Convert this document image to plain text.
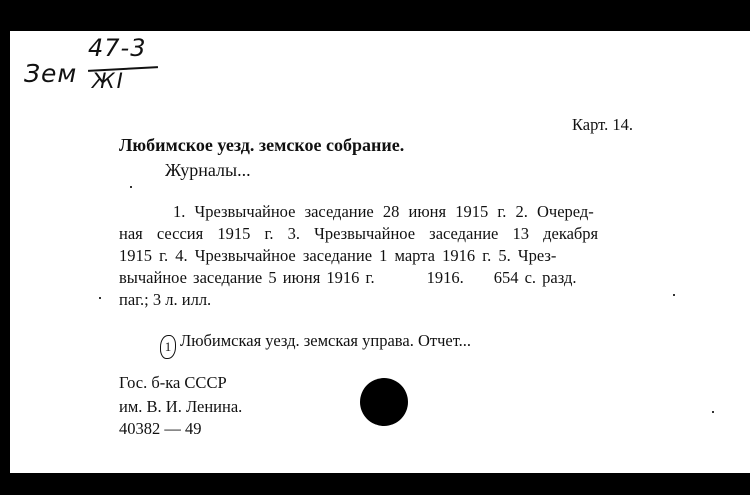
Зем
47-3
ЖI
Карт. 14.
Любимское уезд. земское собрание.
Журналы...
1. Чрезвычайное заседание 28 июня 1915 г. 2. Очеред-
ная сессия 1915 г. 3. Чрезвычайное заседание 13 декабря
1915 г. 4. Чрезвычайное заседание 1 марта 1916 г. 5. Чрез-
вычайное заседание 5 июня 1916 г.	1916. 654 с. разд.
паг.; 3 л. илл.
1 Любимская уезд. земская управа. Отчет...
Гос. б-ка СССР
им. В. И. Ленина.
40382 — 49
